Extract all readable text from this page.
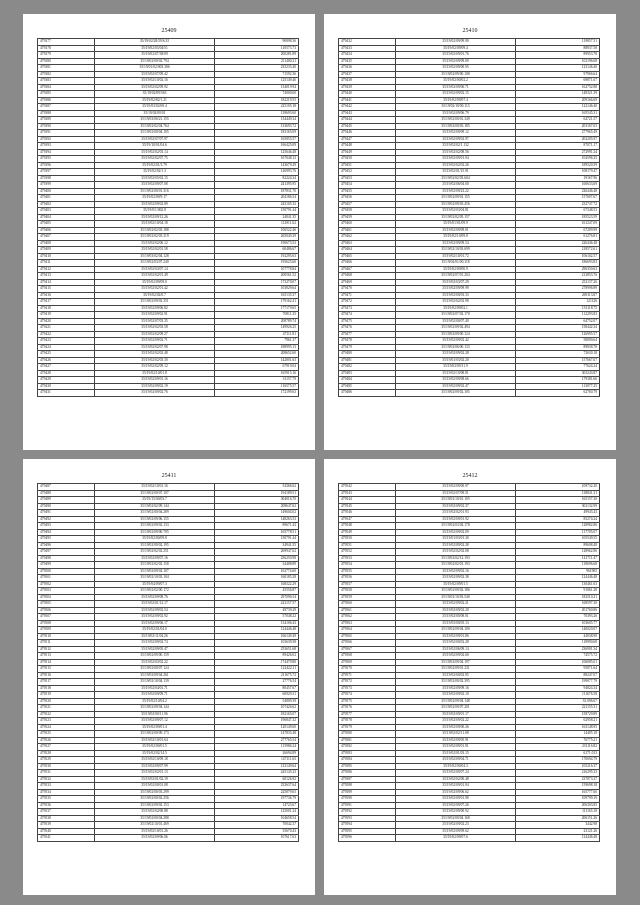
25409
479377	35/19/02/28/59/6.35	90898.36
479378	35/19/02/03/04/51	110573.73
479379	35/19/02/07/38/09	200281.89
479380	35/19/02/00/02.794	211400.21
479381	35/19/01/02/003.306	235235.40
479382	35/19/02/07/09.42	71592.36
479383	35/19/02/10/02.16	125149.46
479384	35/19/02/02/09.92	134019.94
479385	35/19/02/09/563	74000.60
479386	35/19/02/82/1.21	182219.55
479387	35/19/03/02/69.4	225105.18
479388	35/19/02/00/01	139693.60
479389	35/19/03/00/21.155	134449.34
479390	35/19/02/02/04.764	133693.72
479391	35/19/02/00/04.105	183165.09
479392	35/19/02/07/07.97	165855.57
479393	35/19/10/01/04.6	166425.09
479394	35/19/02/02/03.14	125646.48
479395	35/19/02/02/07.75	167048.13
479396	35/19/02/01/3.79	143679.29
479397	35/19/02/02/1.3	126993.76
479398	35/19/02/05/02.15	82224.34
479399	35/19/02/09/07.08	241395.95
479400	35/19/02/00/01.316	187831.70
479401	35/19/02/09/9.17	204186.54
479402	35/19/02/09/02.89	243105.32
479403	35/19/0/1/002.8	150791.44
479404	35/19/02/09/12.26	24041.35
479405	35/19/02/10/04.18	112911.62
479406	35/19/02/02/03.188	106522.46
479407	35/19/02/02/03.319	265049.29
479408	35/19/02/02/06.12	190673.53
479409	35/19/02/02/01.58	60486.67
479410	35/19/03/02/04.128	192295.63
479411	35/19/02/03/07.240	195625.60
479412	35/19/02/03/07.14	107778.84
479413	35/19/02/02/01.49	200561.52
479414	35/19/02/09/09.0	173270.07
479415	35/19/02/02/01.42	103829.64
479416	35/19/02/02/0.7	165135.37
479417	35/19/02/09/02.351	179162.41
479418	35/19/02/09/06.82	177179.65
479419	35/19/02/09/02.91	70811.25
479420	35/19/02/07/03.35	208789.74
479421	35/19/02/02/03.58	149926.25
479422	35/19/02/02/09.27	47111.81
479423	35/19/02/09/02.71	7961.37
479424	35/19/02/02/07.98	188995.13
479425	35/19/02/02/02.48	208652.60
479426	35/19/02/02/03.30	142801.63
479427	35/19/02/02/09.12	67919.04
479428	35/19/02/10/01.8	165915.16
479429	35/19/02/09/01.16	31157.79
479430	35/19/02/09/02.19	116575.57
479431	35/19/02/09/02.76	172199.63
25410
479432	35/19/02/09/09.90	119857.51
479433	35/19/02/09/09.4	88837.58
479434	35/19/02/09/01.76	89953.78
479435	35/19/02/09/09.00	102196.68
479436	35/19/02/09/00.95	123146.40
479437	35/19/02/09/00.108	97966.64
479438	35/19/02/00/02.2	69871.67
479439	35/19/02/09/06.71	162752.88
479440	35/19/02/09/02.15	148321.39
479441	35/19/02/09/07.4	209166.69
479442	35/19/02/10/00.113	122146.40
479443	35/19/02/09/06.79	165545.31
479444	35/19/02/00/01.349	64721.57
479445	35/19/02/00/03.185	203167.03
479446	35/19/02/09/09.12	277965.49
479447	35/19/02/09/02.97	202205.97
479448	35/19/02/02/1.132	87071.17
479449	35/19/02/02/08.56	272991.24
479450	35/19/02/09/01.94	104596.35
479451	35/19/02/02/02.26	189520.59
479452	35/19/02/01/15.91	108179.47
479453	35/19/02/02/03.604	19167.96
479454	35/19/02/06/04.00	160633.69
479455	35/19/02/09/23.22	226446.48
479456	35/19/02/09/01.155	157697.67
479457	35/19/02/09/03.456	232747.72
479458	35/19/02/03/04.81	67348.53
479459	35/19/02/02/05.157	185523.59
479460	35/19/01/01/09.9	161247.09
479461	35/19/02/09/09.01	67209.99
479462	35/19/02/10/09.8	61276.81
479463	35/19/02/09/09.54	226446.48
479464	35/19/02/10/03.699	218572.61
479465	35/19/02/10/01.72	106102.57
479466	35/19/02/01/00.118	186693.83
479467	35/19/02/09/00.9	296350.63
479468	35/19/02/07/01.204	212853.76
479469	35/19/02/03/07.29	252137.26
479470	35/19/02/09/09.99	278996.89
479471	35/19/02/00/03.33	269113.87
479472	35/19/02/02/02.98	121126
479473	35/19/02/09/02.1	153118.75
479474	35/19/02/07/02.170	112293.83
479475	35/19/02/00/07.40	64752.07
479476	35/19/02/09/02.494	158442.34
479477	35/19/02/09/00.124	126995.57
479478	35/19/02/09/02.42	58090.64
479479	35/19/02/06/00.133	89838.78
479480	35/19/02/09/02.28	72630.18
479481	35/19/01/03/02.20	157667.67
479482	35/19/02/09/11.9	77624.24
479483	35/19/02/10/08.81	303243.87
479484	35/19/02/09/08.66	179381.66
479485	35/19/02/09/02.47	113077.25
479486	35/19/02/09/02.105	62760.79
25411
479487	35/19/02/10/01.16	54366.62
479488	35/19/02/00/07.107	194189.51
479489	35/19/15/00/03.7	304016.70
479490	35/19/02/02/09.144	208647.62
479491	35/19/02/00/04.289	149604.02
479492	35/19/02/09/06.155	148263.53
479493	35/19/02/09/02.133	89671.43
479494	35/19/02/09/00.705	165778.51
479495	35/19/02/00/09.8	150791.44
479496	35/19/02/09/02.195	34941.55
479497	35/19/02/02/02.251	269947.62
479498	35/19/02/09/07.16	256250.98
479499	35/19/02/02/02.158	34408.89
479500	35/19/02/09/02.107	162774.60
479501	35/19/02/10/03.104	160185.28
479502	35/19/04/09/07.3	168322.29
479503	35/19/02/02/00.172	45556.87
479504	35/19/02/09/08.76	297096.54
479505	35/19/02/01/12.17	223157.57
479506	35/19/02/09/02.54	49739.29
479507	35/19/02/09/02.92	57048.22
479508	35/19/02/09/06.17	134106.43
479509	35/19/02/01/04.0	124446.48
479510	35/19/02/11/04.26	166149.49
479511	35/19/02/09/02.74	103639.58
479512	35/19/02/09/05.47	253651.68
479513	35/19/02/09/00.159	89426.02
479514	35/19/02/03/02.22	174479.80
479515	35/19/02/00/07.124	122422.11
479516	35/19/02/09/04.261	211675.72
479517	35/19/02/10/04.139	27776.54
479518	35/19/02/04/01.71	80457.67
479519	35/19/02/09/09.71	60929.31
479520	35/19/02/10/04.2	54809.39
479521	35/19/02/09/04.144	107426.62
479522	35/19/02/00/11.96	182165.07
479523	35/19/02/09/07.12	196847.32
479524	35/19/02/09/01.4	120149.60
479525	35/19/02/00/09.173	147835.48
479526	35/19/02/10/01.64	277765.54
479527	35/19/02/00/01.5	115986.24
479528	35/19/02/02/14.5	26694.89
479529	35/19/02/10/09.18	147111.63
479530	35/19/02/09/07.99	123149.64
479531	35/19/02/02/01.13	245145.23
479532	35/19/02/01/02.19	60126.92
479533	35/19/02/00/01.08	233637.64
479534	35/19/02/00/03.299	225879.65
479535	35/19/02/00/02.256	197736.79
479536	35/19/02/09/02.153	14723.67
479537	35/19/02/02/00.88	125001.24
479538	35/19/02/00/04.288	104658.54
479539	35/19/02/10/01.469	70042.37
479540	35/19/02/10/01.26	55670.43
479541	35/19/02/09/06.06	107617.63
25412
479542	35/19/02/09/00.97	109732.20
479543	35/19/02/07/09.51	138841.31
479544	35/19/02/10/01.105	165157.30
479545	35/19/02/09/02.37	302132.99
479546	35/19/02/02/01.93	49943.43
479547	35/19/02/09/01.92	85274.24
479548	35/19/02/03/04.178	128982.86
479549	35/19/02/09/02.09	117705.07
479550	35/19/01/03/01.30	105549.55
479551	35/19/02/09/02.28	89608.48
479552	35/19/02/02/02.08	128962.86
479553	35/19/02/02/12.193	141711.47
479554	35/19/02/02/01.193	118696.68
479555	35/19/02/09/02.16	961905
479556	35/19/02/09/02.38	124446.48
479557	35/19/02/09/01.5	130461.63
479558	35/19/02/09/02.186	91061.28
479559	35/19/02/10/03.540	182510.21
479560	35/19/02/09/02.21	168597.30
479561	35/19/02/09/02.20	201760.86
479562	35/19/02/00/08.01	70393.26
479563	35/19/03/00/05.13	103605.77
479564	35/19/02/09/04.100	140020.07
479565	35/19/02/09/01.86	44038.90
479566	35/19/02/00/02.28	118990.68
479567	35/19/02/06/09.14	236901.34
479568	35/19/02/09/02.60	74575.72
479569	35/19/02/09/04.197	106085.01
479570	35/19/02/09/01.231	95871.64
479571	35/19/02/00/02.95	88247.07
479572	35/19/02/00/02.395	199077.79
479573	35/19/02/09/09.16	94824.34
479574	35/19/02/09/02.10	111676.58
479575	35/19/02/09/04.148	33.096.67
479576	35/19/02/09/07.201	221155.31
479577	35/19/02/09/01.17	158729.89
479578	35/19/02/09/02.22	62958.21
479579	35/19/02/09/00.26	163148.95
479580	35/19/02/02/11.08	14405.18
479581	35/19/02/09/05.91	76775.21
479582	35/19/02/09/01.91	231116.82
479583	35/19/02/01/03.15	6171.013
479584	35/19/02/09/04.71	170694.79
479585	35/19/02/00/04.3	105216.37
479586	35/19/02/09/07.24	216295.33
479587	35/19/02/02/00.48	237873.37
479588	35/19/02/09/01.94	159698.18
479589	35/19/02/09/06.62	165777.60
479590	35/19/02/09/01.98	109799.19
479591	35/19/02/09/07.26	206303.85
479592	35/19/02/09/00.92	111165.18
479593	35/19/02/00/04.168	206151.26
479594	35/19/02/09/02.23	3442.98
479595	35/19/02/09/09.62	23121.26
479596	35/19/02/09/07.6	124446.48
